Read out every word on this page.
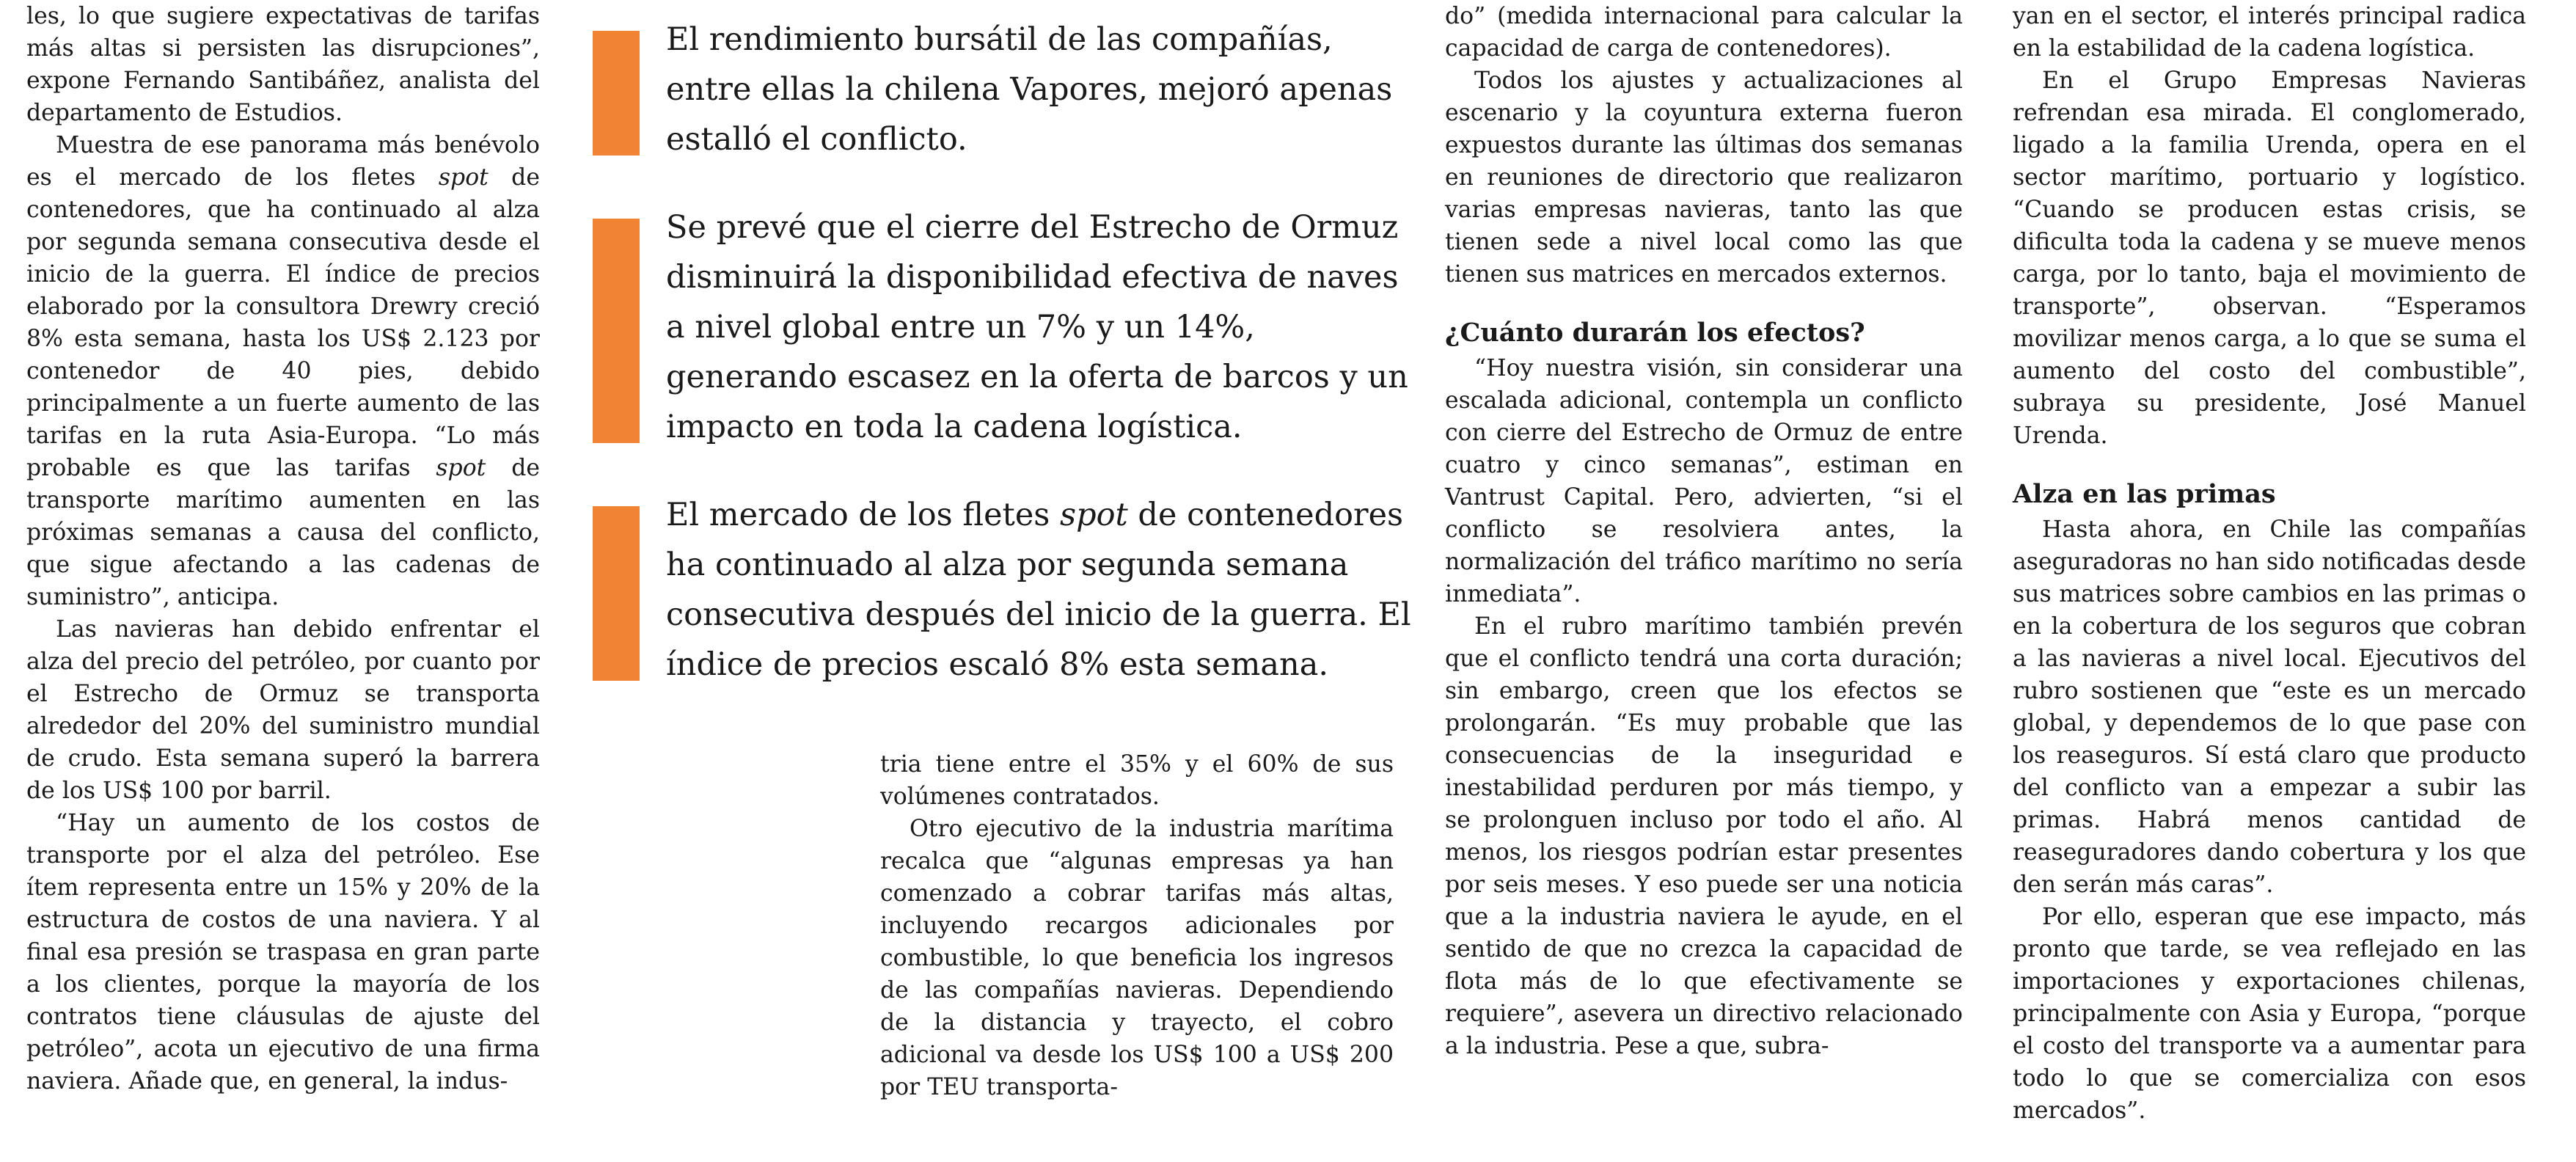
les, lo que sugiere expectativas de tarifas más altas si persisten las disrupciones”, expone Fernando Santibáñez, analista del departamento de Estudios.

Muestra de ese panorama más benévolo es el mercado de los fletes spot de contenedores, que ha continuado al alza por segunda semana consecutiva desde el inicio de la guerra. El índice de precios elaborado por la consultora Drewry creció 8% esta semana, hasta los US$ 2.123 por contenedor de 40 pies, debido principalmente a un fuerte aumento de las tarifas en la ruta Asia-Europa. “Lo más probable es que las tarifas spot de transporte marítimo aumenten en las próximas semanas a causa del conflicto, que sigue afectando a las cadenas de suministro”, anticipa.

Las navieras han debido enfrentar el alza del precio del petróleo, por cuanto por el Estrecho de Ormuz se transporta alrededor del 20% del suministro mundial de crudo. Esta semana superó la barrera de los US$ 100 por barril.

“Hay un aumento de los costos de transporte por el alza del petróleo. Ese ítem representa entre un 15% y 20% de la estructura de costos de una naviera. Y al final esa presión se traspasa en gran parte a los clientes, porque la mayoría de los contratos tiene cláusulas de ajuste del petróleo”, acota un ejecutivo de una firma naviera. Añade que, en general, la indus-

El rendimiento bursátil de las compañías, entre ellas la chilena Vapores, mejoró apenas estalló el conflicto.

Se prevé que el cierre del Estrecho de Ormuz disminuirá la disponibilidad efectiva de naves a nivel global entre un 7% y un 14%, generando escasez en la oferta de barcos y un impacto en toda la cadena logística.

El mercado de los fletes spot de contenedores ha continuado al alza por segunda semana consecutiva después del inicio de la guerra. El índice de precios escaló 8% esta semana.

tria tiene entre el 35% y el 60% de sus volúmenes contratados.

Otro ejecutivo de la industria marítima recalca que “algunas empresas ya han comenzado a cobrar tarifas más altas, incluyendo recargos adicionales por combustible, lo que beneficia los ingresos de las compañías navieras. Dependiendo de la distancia y trayecto, el cobro adicional va desde los US$ 100 a US$ 200 por TEU transporta-

do” (medida internacional para calcular la capacidad de carga de contenedores).

Todos los ajustes y actualizaciones al escenario y la coyuntura externa fueron expuestos durante las últimas dos semanas en reuniones de directorio que realizaron varias empresas navieras, tanto las que tienen sede a nivel local como las que tienen sus matrices en mercados externos.

¿Cuánto durarán los efectos?

“Hoy nuestra visión, sin considerar una escalada adicional, contempla un conflicto con cierre del Estrecho de Ormuz de entre cuatro y cinco semanas”, estiman en Vantrust Capital. Pero, advierten, “si el conflicto se resolviera antes, la normalización del tráfico marítimo no sería inmediata”.

En el rubro marítimo también prevén que el conflicto tendrá una corta duración; sin embargo, creen que los efectos se prolongarán. “Es muy probable que las consecuencias de la inseguridad e inestabilidad perduren por más tiempo, y se prolonguen incluso por todo el año. Al menos, los riesgos podrían estar presentes por seis meses. Y eso puede ser una noticia que a la industria naviera le ayude, en el sentido de que no crezca la capacidad de flota más de lo que efectivamente se requiere”, asevera un directivo relacionado a la industria. Pese a que, subra-

yan en el sector, el interés principal radica en la estabilidad de la cadena logística.

En el Grupo Empresas Navieras refrendan esa mirada. El conglomerado, ligado a la familia Urenda, opera en el sector marítimo, portuario y logístico. “Cuando se producen estas crisis, se dificulta toda la cadena y se mueve menos carga, por lo tanto, baja el movimiento de transporte”, observan. “Esperamos movilizar menos carga, a lo que se suma el aumento del costo del combustible”, subraya su presidente, José Manuel Urenda.

Alza en las primas

Hasta ahora, en Chile las compañías aseguradoras no han sido notificadas desde sus matrices sobre cambios en las primas o en la cobertura de los seguros que cobran a las navieras a nivel local. Ejecutivos del rubro sostienen que “este es un mercado global, y dependemos de lo que pase con los reaseguros. Sí está claro que producto del conflicto van a empezar a subir las primas. Habrá menos cantidad de reaseguradores dando cobertura y los que den serán más caras”.

Por ello, esperan que ese impacto, más pronto que tarde, se vea reflejado en las importaciones y exportaciones chilenas, principalmente con Asia y Europa, “porque el costo del transporte va a aumentar para todo lo que se comercializa con esos mercados”.
